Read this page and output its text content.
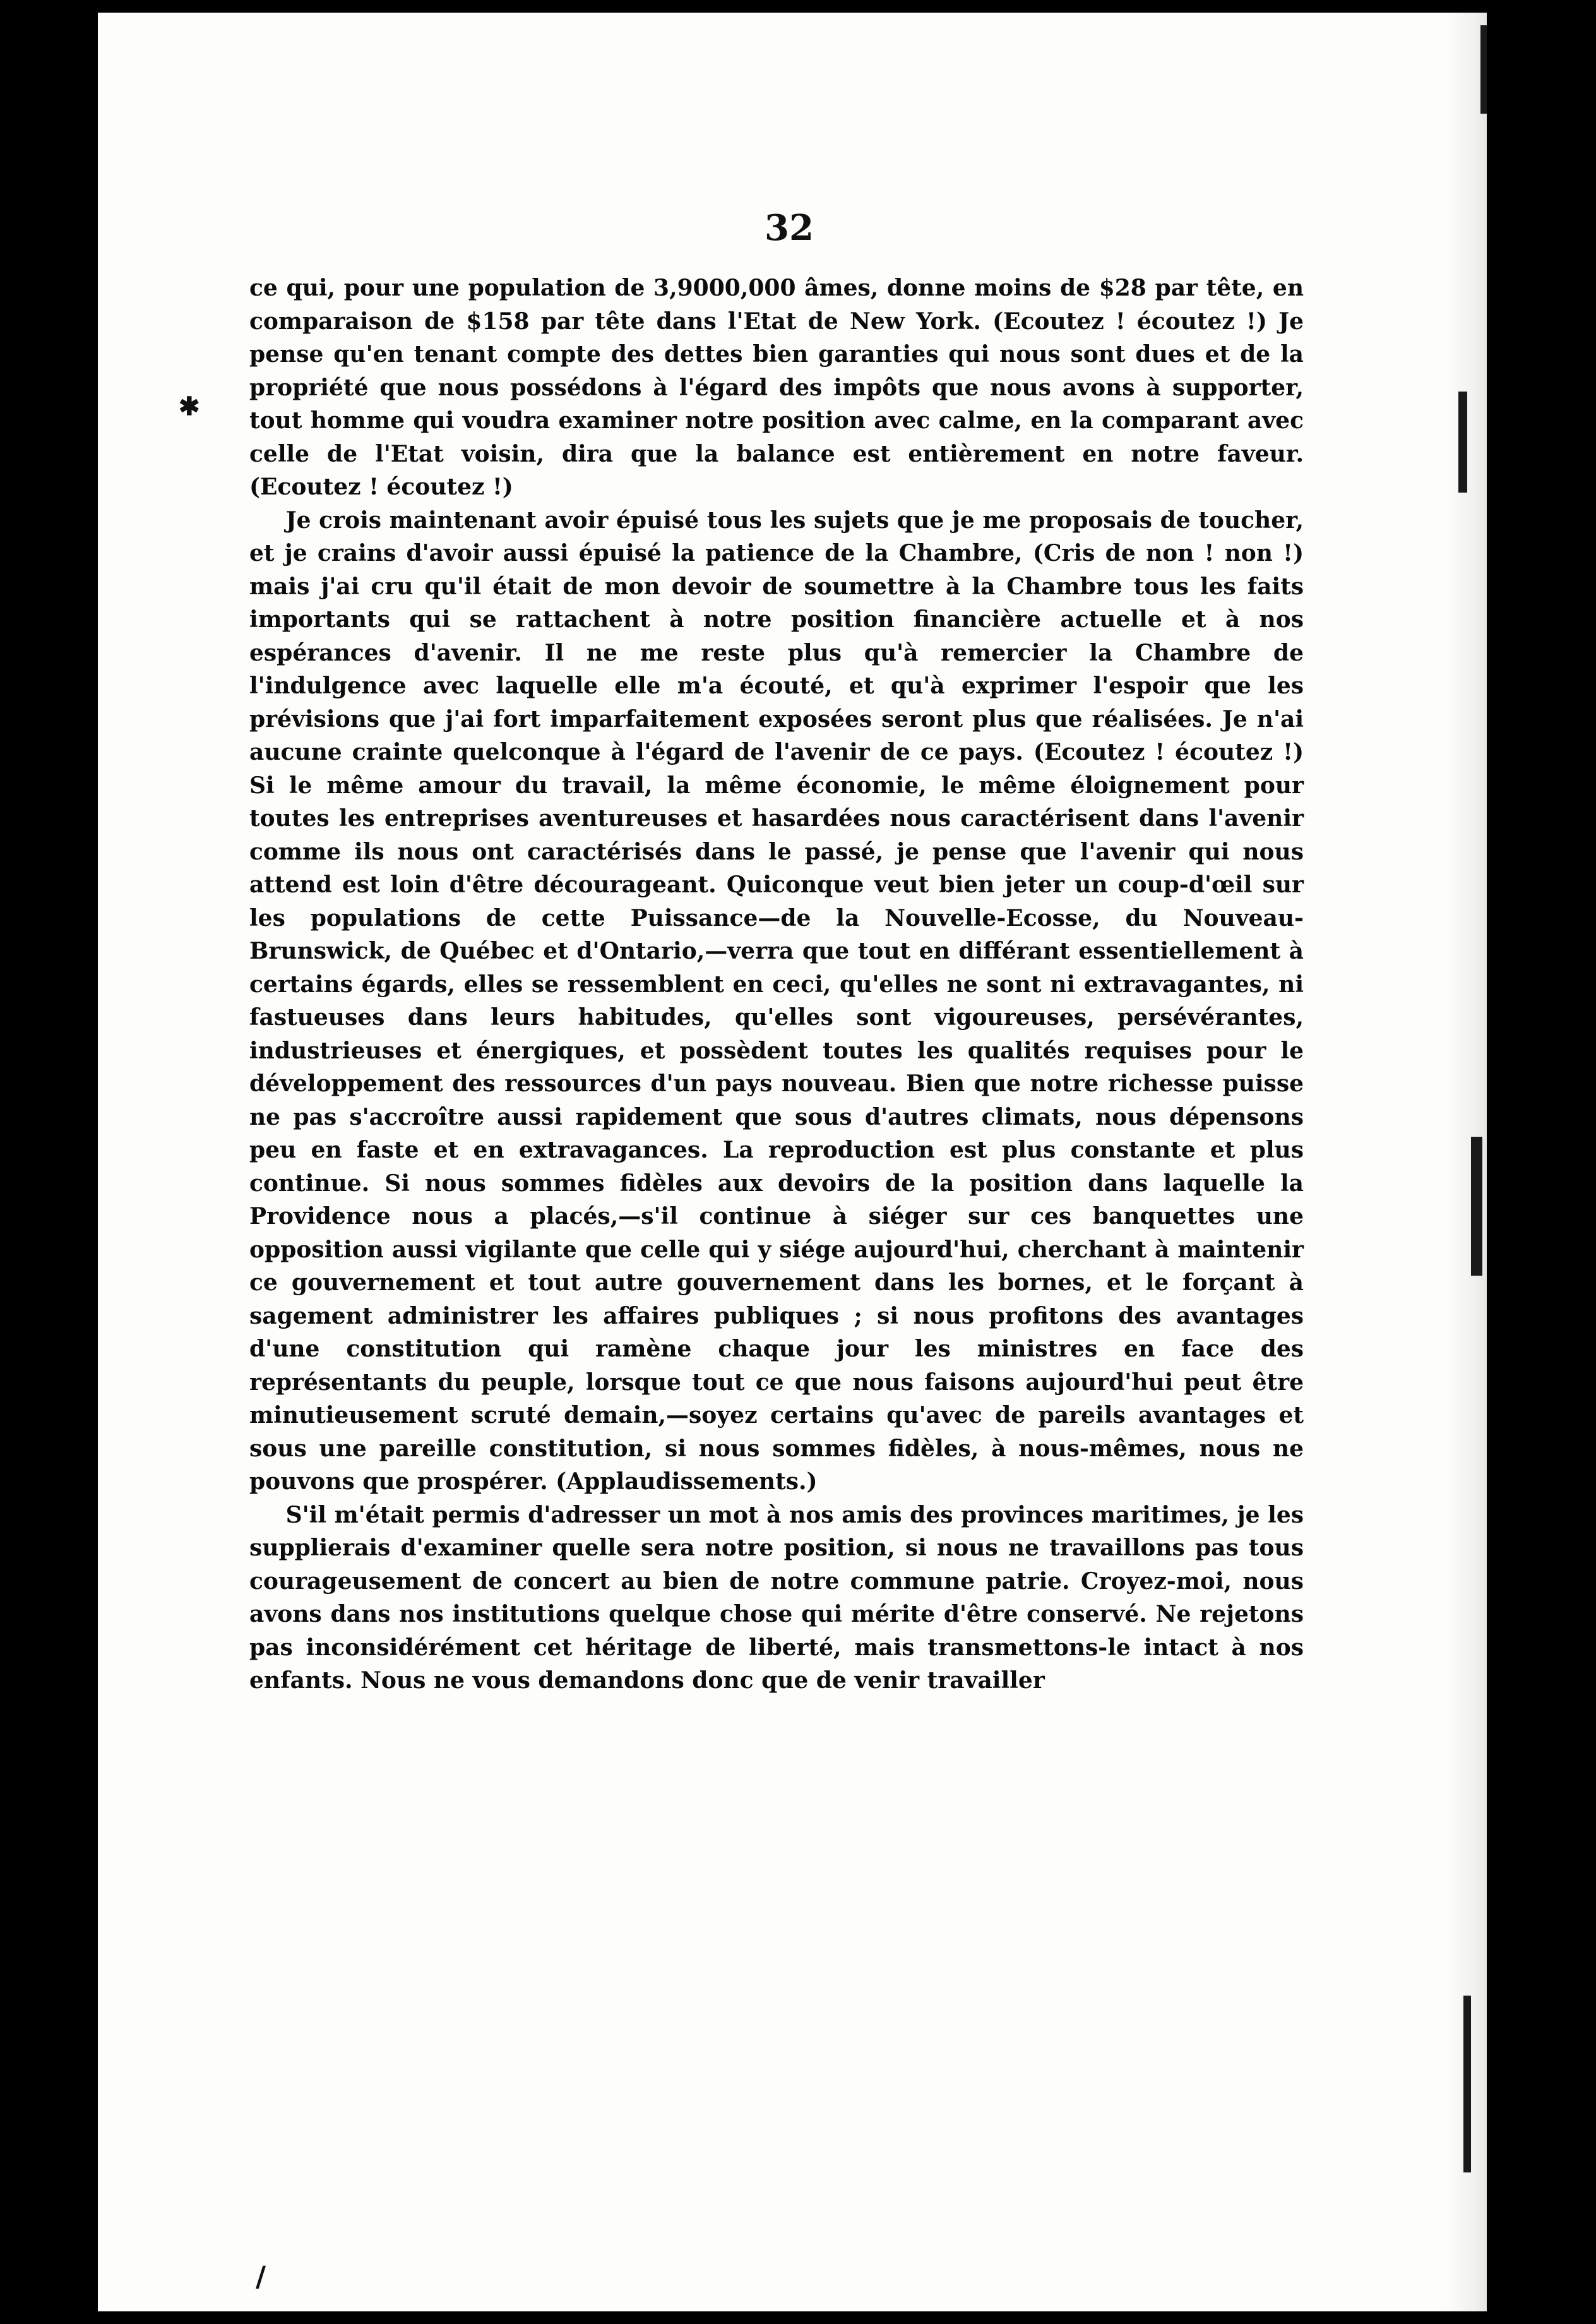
✱
/
32

ce qui, pour une population de 3,9000,000 âmes, donne moins de $28 par tête, en comparaison de $158 par tête dans l'Etat de New York. (Ecoutez ! écoutez !) Je pense qu'en tenant compte des dettes bien garanties qui nous sont dues et de la propriété que nous possédons à l'égard des impôts que nous avons à supporter, tout homme qui voudra examiner notre position avec calme, en la comparant avec celle de l'Etat voisin, dira que la balance est entièrement en notre faveur. (Ecoutez ! écoutez !)

Je crois maintenant avoir épuisé tous les sujets que je me proposais de toucher, et je crains d'avoir aussi épuisé la patience de la Chambre, (Cris de non ! non !) mais j'ai cru qu'il était de mon devoir de soumettre à la Chambre tous les faits importants qui se rattachent à notre position financière actuelle et à nos espérances d'avenir. Il ne me reste plus qu'à remercier la Chambre de l'indulgence avec laquelle elle m'a écouté, et qu'à exprimer l'espoir que les prévisions que j'ai fort imparfaitement exposées seront plus que réalisées. Je n'ai aucune crainte quelconque à l'égard de l'avenir de ce pays. (Ecoutez ! écoutez !) Si le même amour du travail, la même économie, le même éloignement pour toutes les entreprises aventureuses et hasardées nous caractérisent dans l'avenir comme ils nous ont caractérisés dans le passé, je pense que l'avenir qui nous attend est loin d'être décourageant. Quiconque veut bien jeter un coup-d'œil sur les populations de cette Puissance—de la Nouvelle-Ecosse, du Nouveau-Brunswick, de Québec et d'Ontario,—verra que tout en différant essentiellement à certains égards, elles se ressemblent en ceci, qu'elles ne sont ni extravagantes, ni fastueuses dans leurs habitudes, qu'elles sont vigoureuses, persévérantes, industrieuses et énergiques, et possèdent toutes les qualités requises pour le développement des ressources d'un pays nouveau. Bien que notre richesse puisse ne pas s'accroître aussi rapidement que sous d'autres climats, nous dépensons peu en faste et en extravagances. La reproduction est plus constante et plus continue. Si nous sommes fidèles aux devoirs de la position dans laquelle la Providence nous a placés,—s'il continue à siéger sur ces banquettes une opposition aussi vigilante que celle qui y siége aujourd'hui, cherchant à maintenir ce gouvernement et tout autre gouvernement dans les bornes, et le forçant à sagement administrer les affaires publiques ; si nous profitons des avantages d'une constitution qui ramène chaque jour les ministres en face des représentants du peuple, lorsque tout ce que nous faisons aujourd'hui peut être minutieusement scruté demain,—soyez certains qu'avec de pareils avantages et sous une pareille constitution, si nous sommes fidèles, à nous-mêmes, nous ne pouvons que prospérer. (Applaudissements.)

S'il m'était permis d'adresser un mot à nos amis des provinces maritimes, je les supplierais d'examiner quelle sera notre position, si nous ne travaillons pas tous courageusement de concert au bien de notre commune patrie. Croyez-moi, nous avons dans nos institutions quelque chose qui mérite d'être conservé. Ne rejetons pas inconsidérément cet héritage de liberté, mais transmettons-le intact à nos enfants. Nous ne vous demandons donc que de venir travailler
